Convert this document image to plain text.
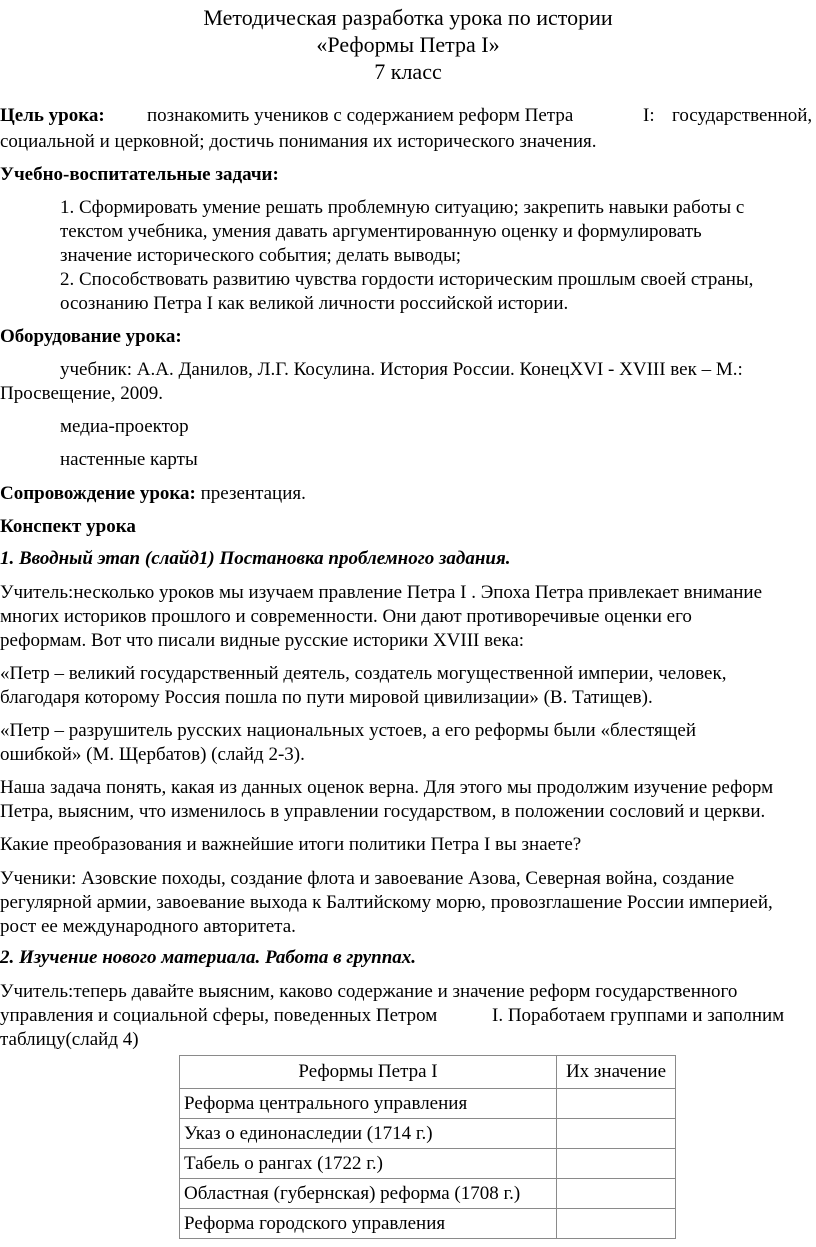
Методическая разработка урока по истории
«Реформы Петра I»
7 класс
Цель урока: познакомить учеников с содержанием реформ Петра	I: государственной,
социальной и церковной; достичь понимания их исторического значения.
Учебно-воспитательные задачи:
1. Сформировать умение решать проблемную ситуацию; закрепить навыки работы с
текстом учебника, умения давать аргументированную оценку и формулировать
значение исторического события; делать выводы;
2. Способствовать развитию чувства гордости историческим прошлым своей страны,
осознанию Петра I как великой личности российской истории.
Оборудование урока:
учебник: А.А. Данилов, Л.Г. Косулина. История России. КонецXVI - XVIII век – М.:
Просвещение, 2009.
медиа-проектор
настенные карты
Сопровождение урока: презентация.
Конспект урока
1. Вводный этап (слайд1) Постановка проблемного задания.
Учитель:несколько уроков мы изучаем правление Петра I . Эпоха Петра привлекает внимание
многих историков прошлого и современности. Они дают противоречивые оценки его
реформам. Вот что писали видные русские историки XVIII века:
«Петр – великий государственный деятель, создатель могущественной империи, человек,
благодаря которому Россия пошла по пути мировой цивилизации» (В. Татищев).
«Петр – разрушитель русских национальных устоев, а его реформы были «блестящей
ошибкой» (М. Щербатов) (слайд 2-3).
Наша задача понять, какая из данных оценок верна. Для этого мы продолжим изучение реформ
Петра, выясним, что изменилось в управлении государством, в положении сословий и церкви.
Какие преобразования и важнейшие итоги политики Петра I вы знаете?
Ученики: Азовские походы, создание флота и завоевание Азова, Северная война, создание
регулярной армии, завоевание выхода к Балтийскому морю, провозглашение России империей,
рост ее международного авторитета.
2. Изучение нового материала. Работа в группах.
Учитель:теперь давайте выясним, каково содержание и значение реформ государственного
управления и социальной сферы, поведенных Петром	I. Поработаем группами и заполним
таблицу(слайд 4)
Реформы Петра I	Их значение
Реформа центрального управления	
Указ о единонаследии (1714 г.)	
Табель о рангах (1722 г.)	
Областная (губернская) реформа (1708 г.)	
Реформа городского управления	
